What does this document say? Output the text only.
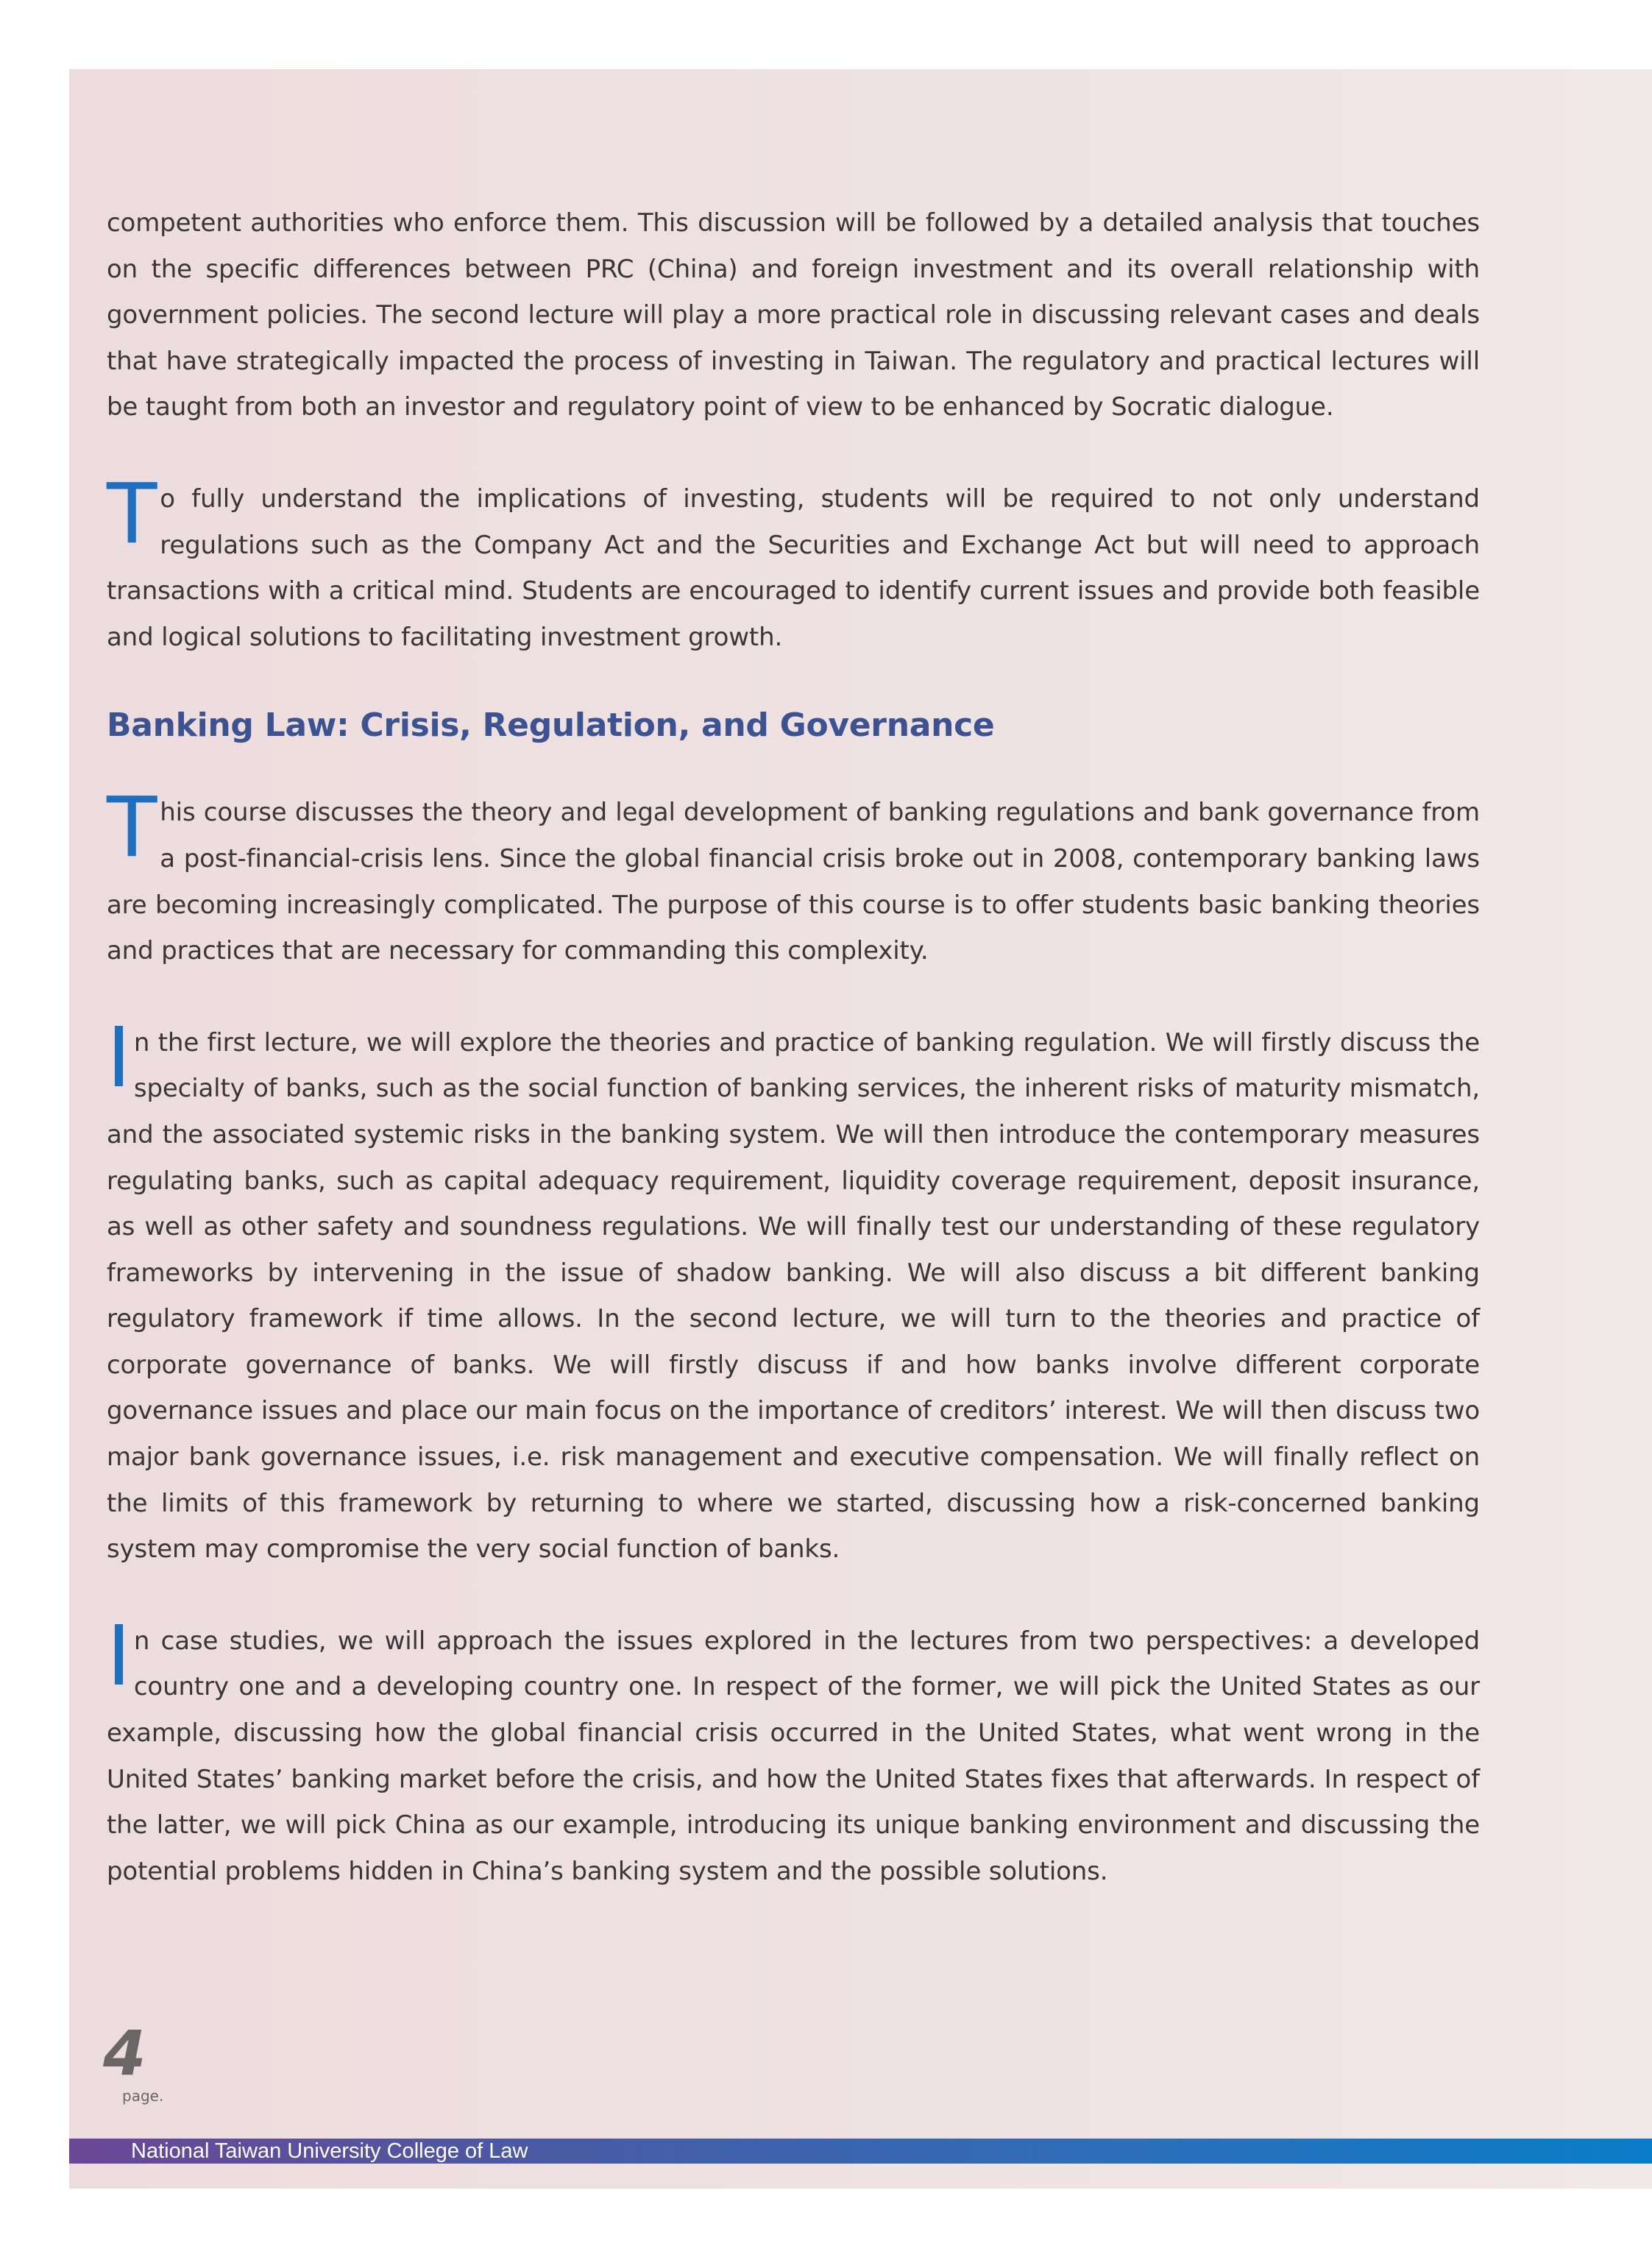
competent authorities who enforce them. This discussion will be followed by a detailed analysis that touches on the specific differences between PRC (China) and foreign investment and its overall relationship with government policies. The second lecture will play a more practical role in discussing relevant cases and deals that have strategically impacted the process of investing in Taiwan. The regulatory and practical lectures will be taught from both an investor and regulatory point of view to be enhanced by Socratic dialogue.

To fully understand the implications of investing, students will be required to not only understand regulations such as the Company Act and the Securities and Exchange Act but will need to approach transactions with a critical mind. Students are encouraged to identify current issues and provide both feasible and logical solutions to facilitating investment growth.

Banking Law: Crisis, Regulation, and Governance

This course discusses the theory and legal development of banking regulations and bank governance from a post-financial-crisis lens. Since the global financial crisis broke out in 2008, contemporary banking laws are becoming increasingly complicated. The purpose of this course is to offer students basic banking theories and practices that are necessary for commanding this complexity.

In the first lecture, we will explore the theories and practice of banking regulation. We will firstly discuss the specialty of banks, such as the social function of banking services, the inherent risks of maturity mismatch, and the associated systemic risks in the banking system. We will then introduce the contemporary measures regulating banks, such as capital adequacy requirement, liquidity coverage requirement, deposit insurance, as well as other safety and soundness regulations. We will finally test our understanding of these regulatory frameworks by intervening in the issue of shadow banking. We will also discuss a bit different banking regulatory framework if time allows. In the second lecture, we will turn to the theories and practice of corporate governance of banks. We will firstly discuss if and how banks involve different corporate governance issues and place our main focus on the importance of creditors’ interest. We will then discuss two major bank governance issues, i.e. risk management and executive compensation. We will finally reflect on the limits of this framework by returning to where we started, discussing how a risk-concerned banking system may compromise the very social function of banks.

In case studies, we will approach the issues explored in the lectures from two perspectives: a developed country one and a developing country one. In respect of the former, we will pick the United States as our example, discussing how the global financial crisis occurred in the United States, what went wrong in the United States’ banking market before the crisis, and how the United States fixes that afterwards. In respect of the latter, we will pick China as our example, introducing its unique banking environment and discussing the potential problems hidden in China’s banking system and the possible solutions.

4
page.
National Taiwan University College of Law
